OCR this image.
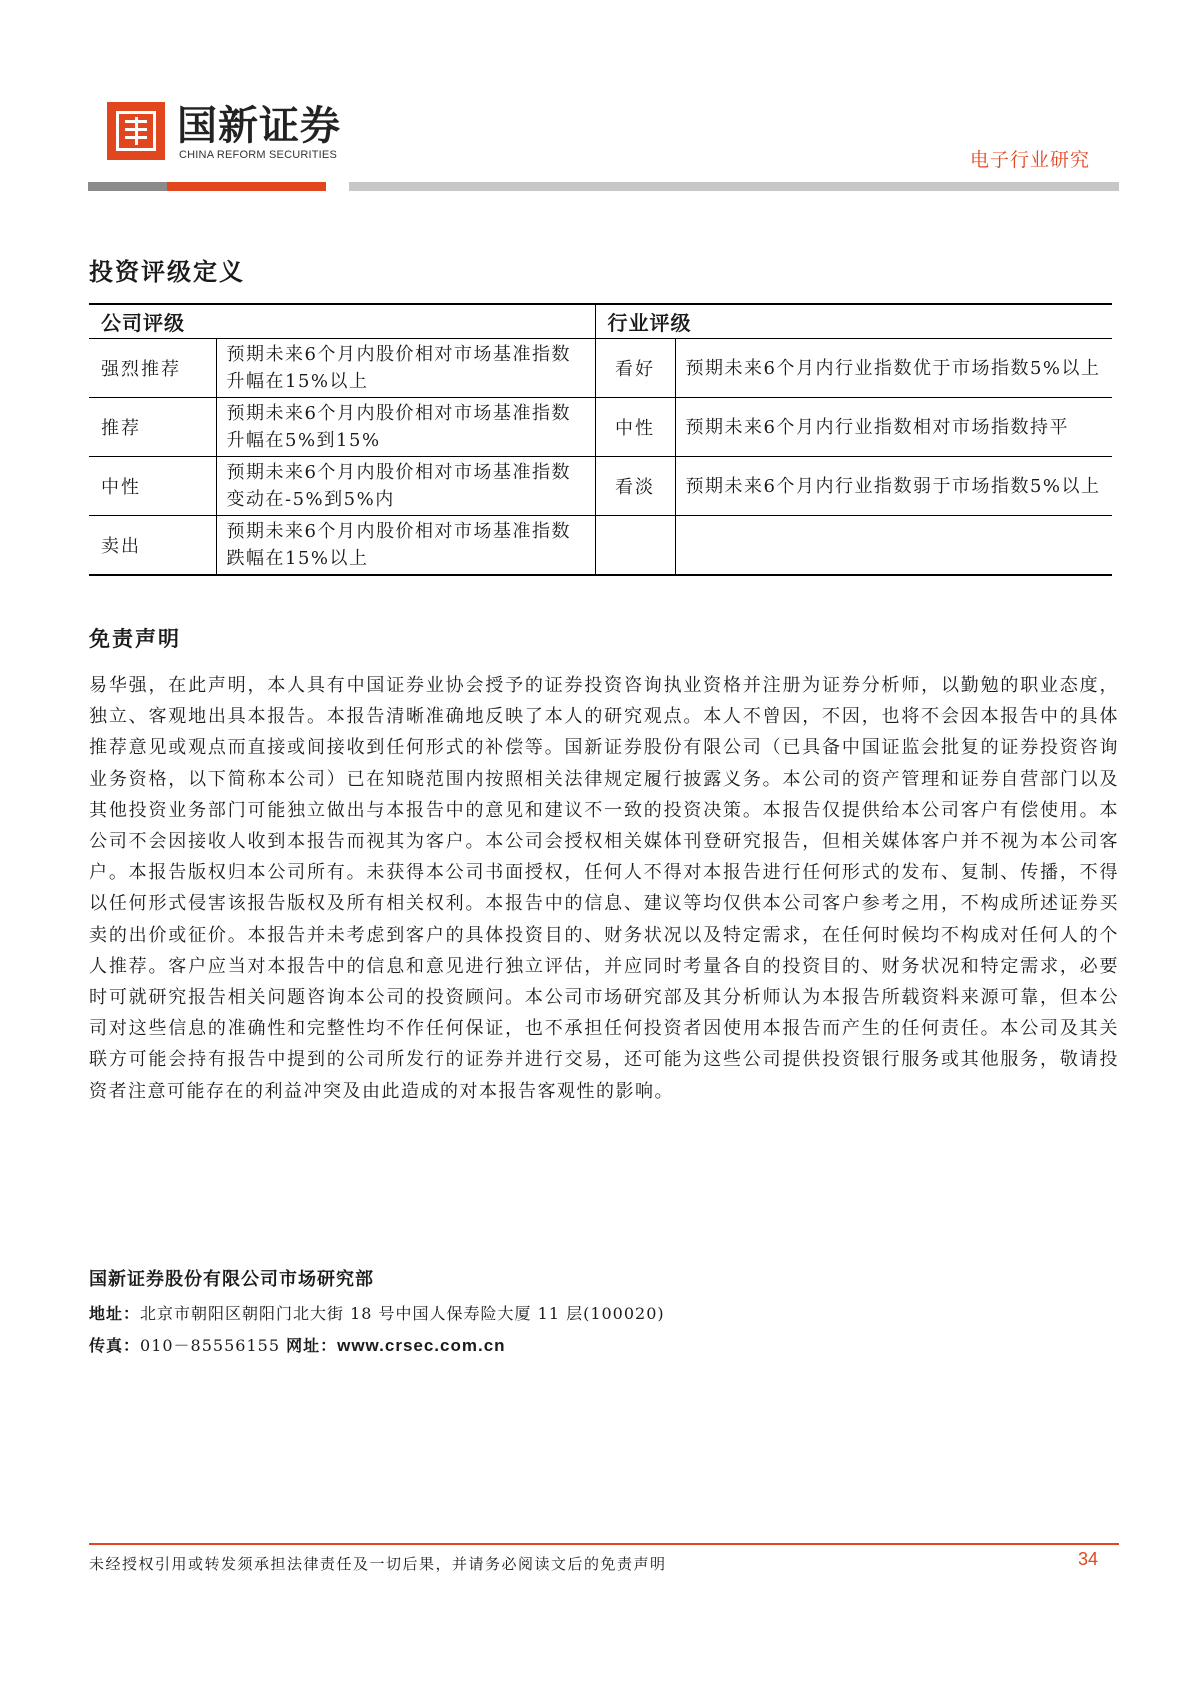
国新证券
CHINA REFORM SECURITIES	电子行业研究
投资评级定义
公司评级		行业评级	
强烈推荐	预期未来6个月内股价相对市场基准指数升幅在15%以上	看好	预期未来6个月内行业指数优于市场指数5%以上
推荐	预期未来6个月内股价相对市场基准指数升幅在5%到15%	中性	预期未来6个月内行业指数相对市场指数持平
中性	预期未来6个月内股价相对市场基准指数变动在-5%到5%内	看淡	预期未来6个月内行业指数弱于市场指数5%以上
卖出	预期未来6个月内股价相对市场基准指数跌幅在15%以上		
免责声明

易华强，在此声明，本人具有中国证券业协会授予的证券投资咨询执业资格并注册为证券分析师，以勤勉的职业态度，独立、客观地出具本报告。本报告清晰准确地反映了本人的研究观点。本人不曾因，不因，也将不会因本报告中的具体推荐意见或观点而直接或间接收到任何形式的补偿等。国新证券股份有限公司（已具备中国证监会批复的证券投资咨询业务资格，以下简称本公司）已在知晓范围内按照相关法律规定履行披露义务。本公司的资产管理和证券自营部门以及其他投资业务部门可能独立做出与本报告中的意见和建议不一致的投资决策。本报告仅提供给本公司客户有偿使用。本公司不会因接收人收到本报告而视其为客户。本公司会授权相关媒体刊登研究报告，但相关媒体客户并不视为本公司客户。本报告版权归本公司所有。未获得本公司书面授权，任何人不得对本报告进行任何形式的发布、复制、传播，不得以任何形式侵害该报告版权及所有相关权利。本报告中的信息、建议等均仅供本公司客户参考之用，不构成所述证券买卖的出价或征价。本报告并未考虑到客户的具体投资目的、财务状况以及特定需求，在任何时候均不构成对任何人的个人推荐。客户应当对本报告中的信息和意见进行独立评估，并应同时考量各自的投资目的、财务状况和特定需求，必要时可就研究报告相关问题咨询本公司的投资顾问。本公司市场研究部及其分析师认为本报告所载资料来源可靠，但本公司对这些信息的准确性和完整性均不作任何保证，也不承担任何投资者因使用本报告而产生的任何责任。本公司及其关联方可能会持有报告中提到的公司所发行的证券并进行交易，还可能为这些公司提供投资银行服务或其他服务，敬请投资者注意可能存在的利益冲突及由此造成的对本报告客观性的影响。

国新证券股份有限公司市场研究部
地址：北京市朝阳区朝阳门北大街 18 号中国人保寿险大厦 11 层(100020)
传真：010－85556155 网址：www.crsec.com.cn
未经授权引用或转发须承担法律责任及一切后果，并请务必阅读文后的免责声明	34
